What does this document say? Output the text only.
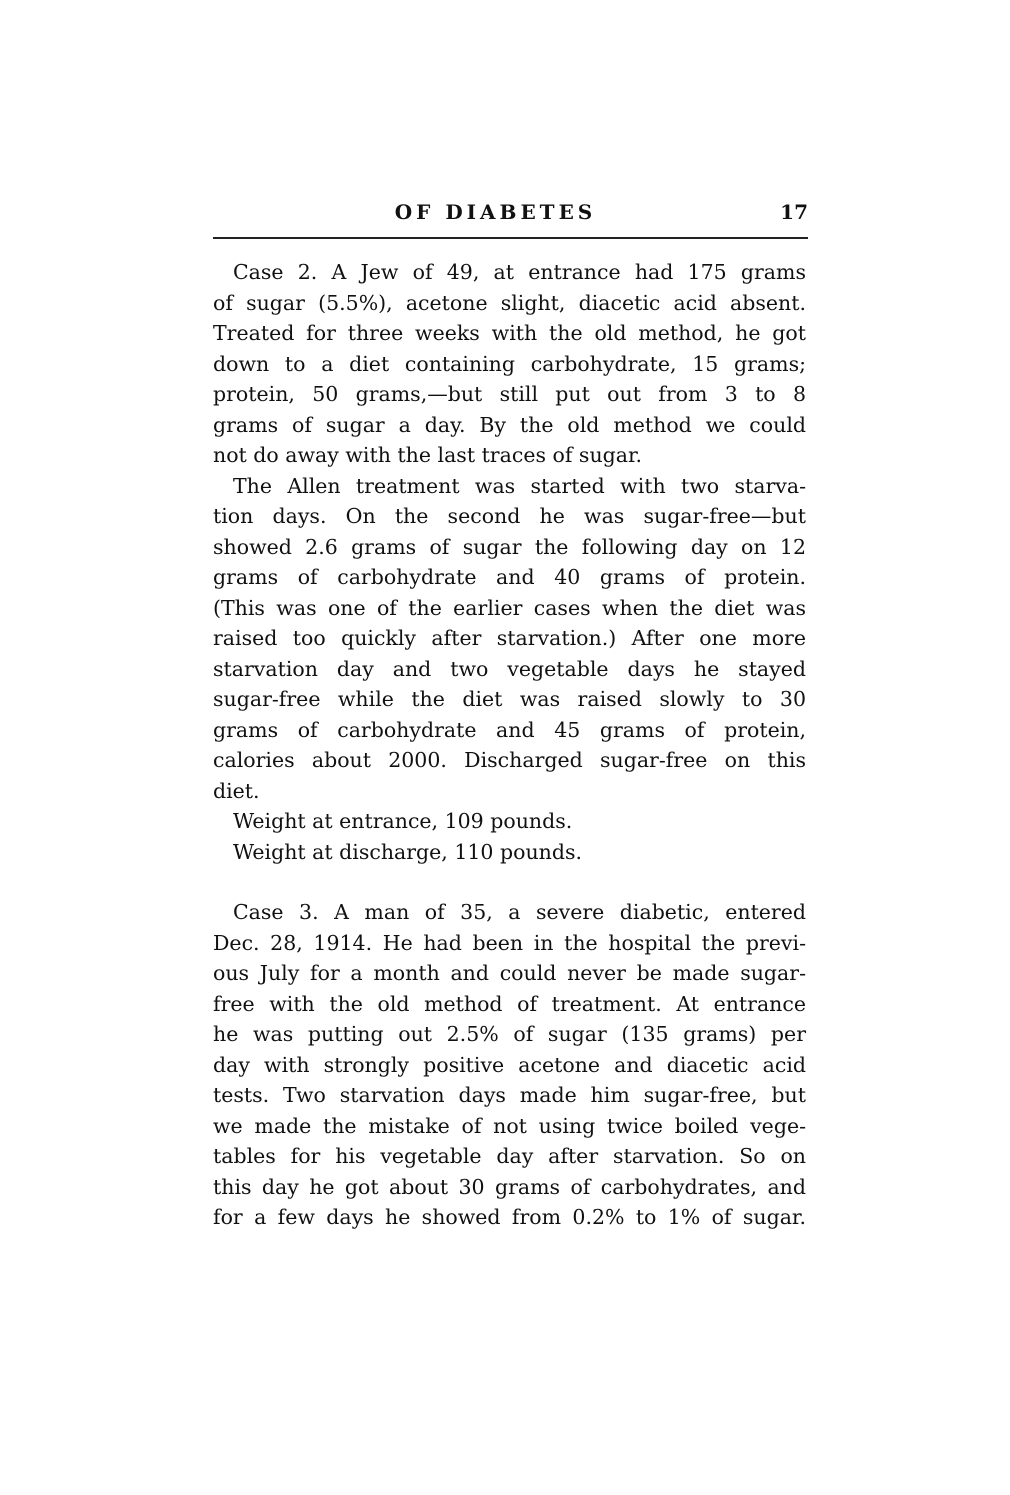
OF DIABETES	17
Case 2. A Jew of 49, at entrance had 175 grams
of sugar (5.5%), acetone slight, diacetic acid absent.
Treated for three weeks with the old method, he got
down to a diet containing carbohydrate, 15 grams;
protein, 50 grams,—but still put out from 3 to 8
grams of sugar a day. By the old method we could
not do away with the last traces of sugar.
The Allen treatment was started with two starva-
tion days. On the second he was sugar-free—but
showed 2.6 grams of sugar the following day on 12
grams of carbohydrate and 40 grams of protein.
(This was one of the earlier cases when the diet was
raised too quickly after starvation.) After one more
starvation day and two vegetable days he stayed
sugar-free while the diet was raised slowly to 30
grams of carbohydrate and 45 grams of protein,
calories about 2000. Discharged sugar-free on this
diet.
Weight at entrance, 109 pounds.
Weight at discharge, 110 pounds.
Case 3. A man of 35, a severe diabetic, entered
Dec. 28, 1914. He had been in the hospital the previ-
ous July for a month and could never be made sugar-
free with the old method of treatment. At entrance
he was putting out 2.5% of sugar (135 grams) per
day with strongly positive acetone and diacetic acid
tests. Two starvation days made him sugar-free, but
we made the mistake of not using twice boiled vege-
tables for his vegetable day after starvation. So on
this day he got about 30 grams of carbohydrates, and
for a few days he showed from 0.2% to 1% of sugar.
